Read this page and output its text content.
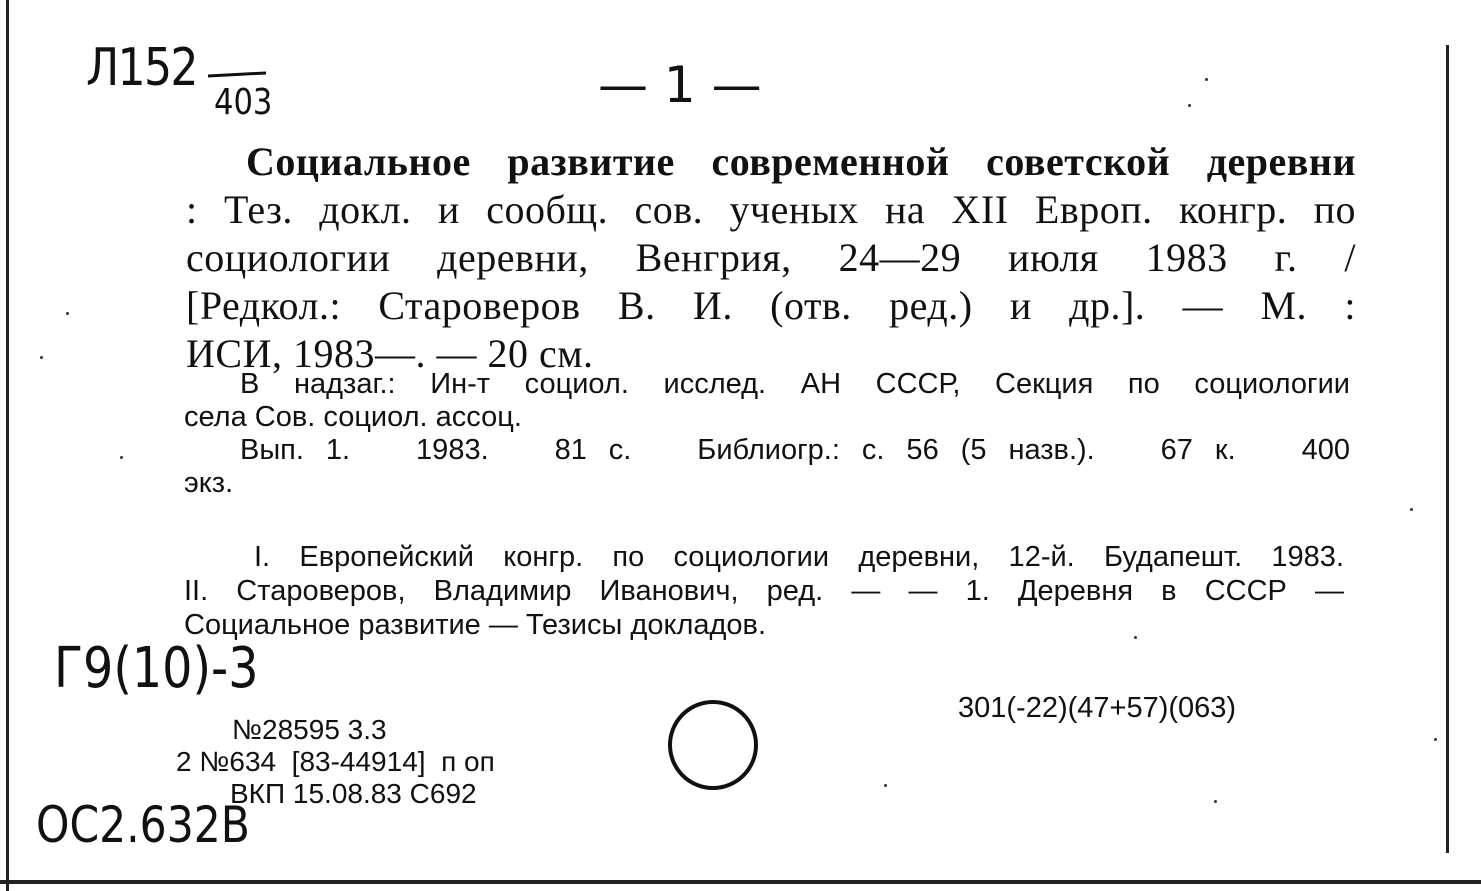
Л152
403	— 1 —
Социальное развитие современной советской деревни
: Тез. докл. и сообщ. сов. ученых на XII Европ. конгр. по
социологии деревни, Венгрия, 24—29 июля 1983 г. /
[Редкол.: Староверов В. И. (отв. ред.) и др.]. — М. :
ИСИ, 1983—. — 20 см.
В надзаг.: Ин-т социол. исслед. АН СССР, Секция по социологии
села Сов. социол. ассоц.
Вып. 1.   1983.   81 с.   Библиогр.: с. 56 (5 назв.).   67 к.   400
экз.
I. Европейский конгр. по социологии деревни, 12-й. Будапешт. 1983.
II. Староверов, Владимир Иванович, ред. — — 1. Деревня в СССР —
Социальное развитие — Тезисы докладов.
Г9(10)-3
301(-22)(47+57)(063)
№28595 3.3
2 №634  [83-44914]  п оп
ВКП 15.08.83 С692
OC2.632B
